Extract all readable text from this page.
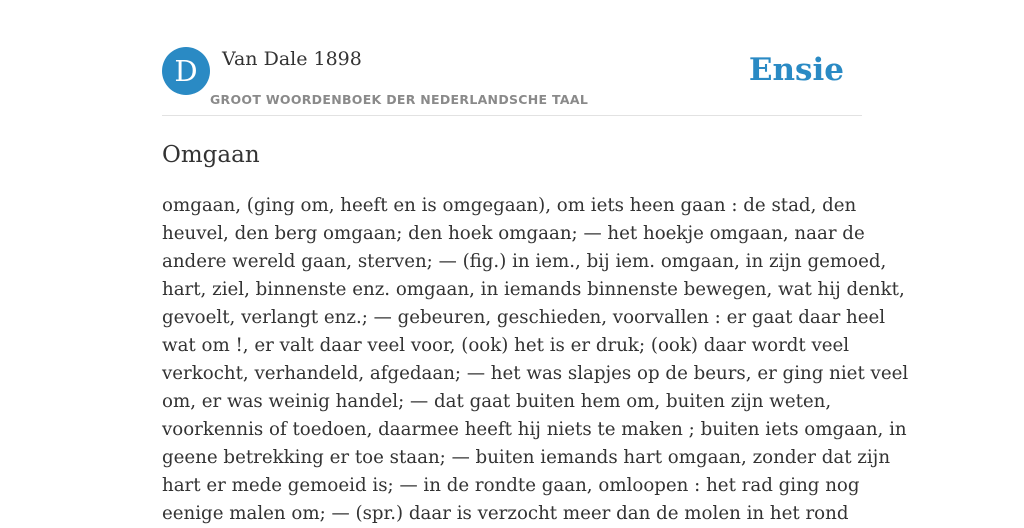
D	Van Dale 1898
GROOT WOORDENBOEK DER NEDERLANDSCHE TAAL
Ensie
Omgaan
omgaan, (ging om, heeft en is omgegaan), om iets heen gaan : de stad, den
heuvel, den berg omgaan; den hoek omgaan; — het hoekje omgaan, naar de
andere wereld gaan, sterven; — (fig.) in iem., bij iem. omgaan, in zijn gemoed,
hart, ziel, binnenste enz. omgaan, in iemands binnenste bewegen, wat hij denkt,
gevoelt, verlangt enz.; — gebeuren, geschieden, voorvallen : er gaat daar heel
wat om !, er valt daar veel voor, (ook) het is er druk; (ook) daar wordt veel
verkocht, verhandeld, afgedaan; — het was slapjes op de beurs, er ging niet veel
om, er was weinig handel; — dat gaat buiten hem om, buiten zijn weten,
voorkennis of toedoen, daarmee heeft hij niets te maken ; buiten iets omgaan, in
geene betrekking er toe staan; — buiten iemands hart omgaan, zonder dat zijn
hart er mede gemoeid is; — in de rondte gaan, omloopen : het rad ging nog
eenige malen om; — (spr.) daar is verzocht meer dan de molen in het rond
